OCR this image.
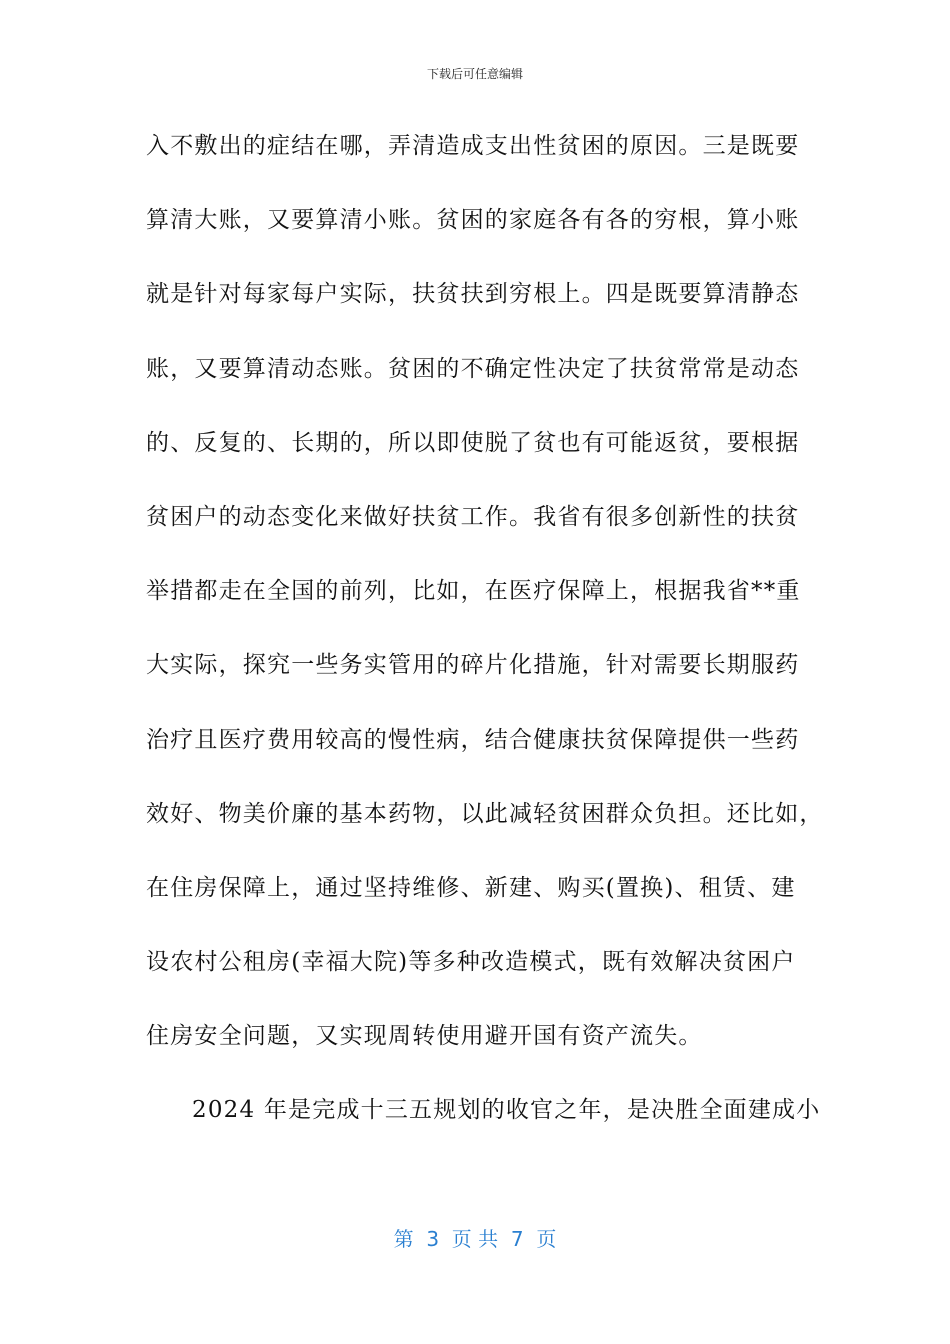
下载后可任意编辑
入不敷出的症结在哪，弄清造成支出性贫困的原因。三是既要
算清大账，又要算清小账。贫困的家庭各有各的穷根，算小账
就是针对每家每户实际，扶贫扶到穷根上。四是既要算清静态
账，又要算清动态账。贫困的不确定性决定了扶贫常常是动态
的、反复的、长期的，所以即使脱了贫也有可能返贫，要根据
贫困户的动态变化来做好扶贫工作。我省有很多创新性的扶贫
举措都走在全国的前列，比如，在医疗保障上，根据我省**重
大实际，探究一些务实管用的碎片化措施，针对需要长期服药
治疗且医疗费用较高的慢性病，结合健康扶贫保障提供一些药
效好、物美价廉的基本药物，以此减轻贫困群众负担。还比如，
在住房保障上，通过坚持维修、新建、购买(置换)、租赁、建
设农村公租房(幸福大院)等多种改造模式，既有效解决贫困户
住房安全问题，又实现周转使用避开国有资产流失。
2024 年是完成十三五规划的收官之年，是决胜全面建成小
第  3  页 共  7  页
